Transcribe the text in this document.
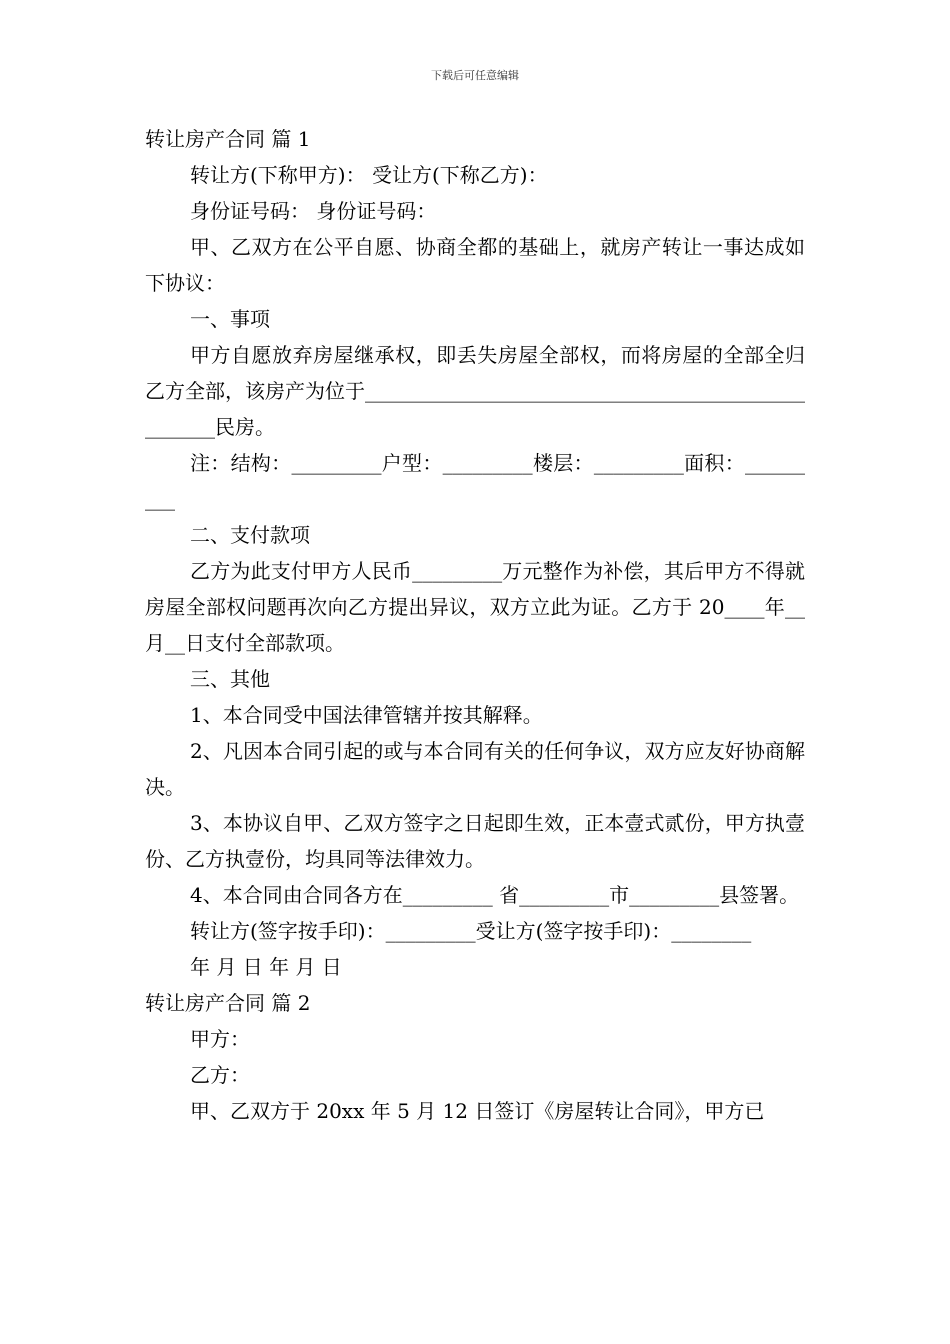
下载后可任意编辑

转让房产合同 篇 1

转让方(下称甲方)： 受让方(下称乙方)：

身份证号码： 身份证号码：

甲、乙双方在公平自愿、协商全都的基础上，就房产转让一事达成如下协议：

一、事项

甲方自愿放弃房屋继承权，即丢失房屋全部权，而将房屋的全部全归乙方全部，该房产为位于___________________________________________________民房。

注：结构：_________户型：_________楼层：_________面积：_________

二、支付款项

乙方为此支付甲方人民币_________万元整作为补偿，其后甲方不得就房屋全部权问题再次向乙方提出异议，双方立此为证。乙方于 20____年__月__日支付全部款项。

三、其他

1、本合同受中国法律管辖并按其解释。

2、凡因本合同引起的或与本合同有关的任何争议，双方应友好协商解决。

3、本协议自甲、乙双方签字之日起即生效，正本壹式贰份，甲方执壹份、乙方执壹份，均具同等法律效力。

4、本合同由合同各方在_________ 省_________市_________县签署。

转让方(签字按手印)：_________受让方(签字按手印)：________

年 月 日 年 月 日

转让房产合同 篇 2

甲方：

乙方：

甲、乙双方于 20xx 年 5 月 12 日签订《房屋转让合同》，甲方已
